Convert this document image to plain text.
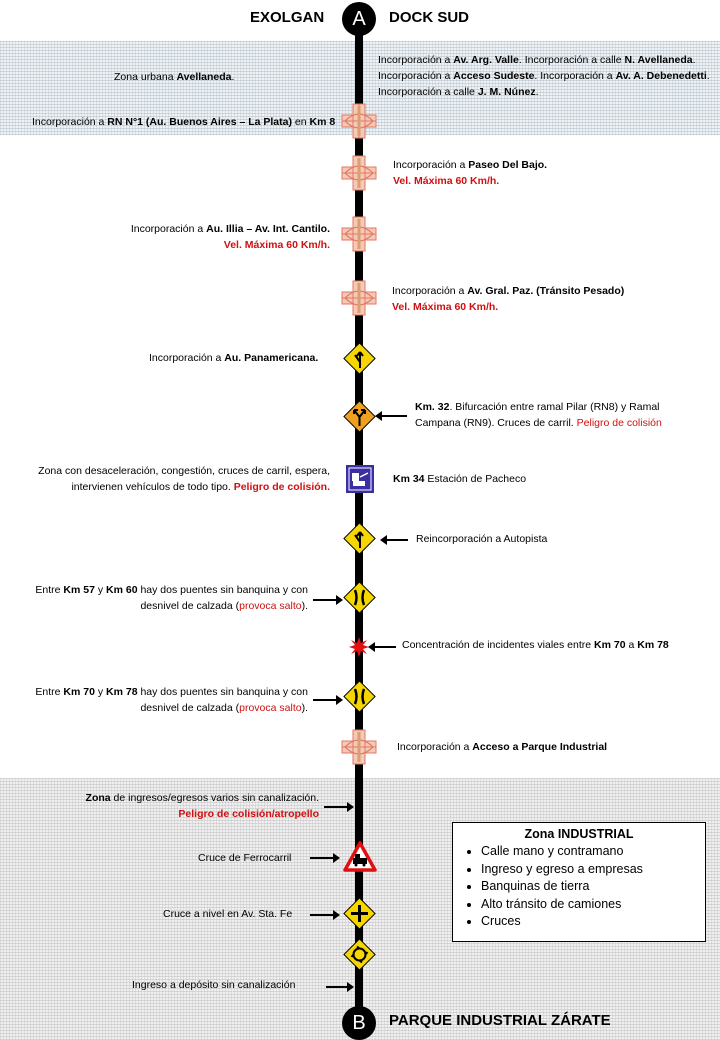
EXOLGAN	DOCK SUD
A
B	PARQUE INDUSTRIAL ZÁRATE
Zona urbana Avellaneda.
Incorporación a Av. Arg. Valle. Incorporación a calle N. Avellaneda. Incorporación a Acceso Sudeste. Incorporación a Av. A. Debenedetti. Incorporación a calle J. M. Núnez.
Incorporación a RN N°1 (Au. Buenos Aires – La Plata) en Km 8
Incorporación a Paseo Del Bajo.
Vel. Máxima 60 Km/h.
Incorporación a Au. Illia – Av. Int. Cantilo.
Vel. Máxima 60 Km/h.
Incorporación a Av. Gral. Paz. (Tránsito Pesado)
Vel. Máxima 60 Km/h.
Incorporación a Au. Panamericana.
Km. 32. Bifurcación entre ramal Pilar (RN8) y Ramal
Campana (RN9). Cruces de carril. Peligro de colisión
Zona con desaceleración, congestión, cruces de carril, espera,
intervienen vehículos de todo tipo. Peligro de colisión.
Km 34 Estación de Pacheco
Reincorporación a Autopista
Entre Km 57 y Km 60 hay dos puentes sin banquina y con
desnivel de calzada (provoca salto).
Concentración de incidentes viales entre Km 70 a Km 78
Entre Km 70 y Km 78 hay dos puentes sin banquina y con
desnivel de calzada (provoca salto).
Incorporación a Acceso a Parque Industrial
Zona de ingresos/egresos varios sin canalización.
Peligro de colisión/atropello
Cruce de Ferrocarril
Cruce a nivel en Av. Sta. Fe
Ingreso a depósito sin canalización
Zona INDUSTRIAL
• Calle mano y contramano
• Ingreso y egreso a empresas
• Banquinas de tierra
• Alto tránsito de camiones
• Cruces
